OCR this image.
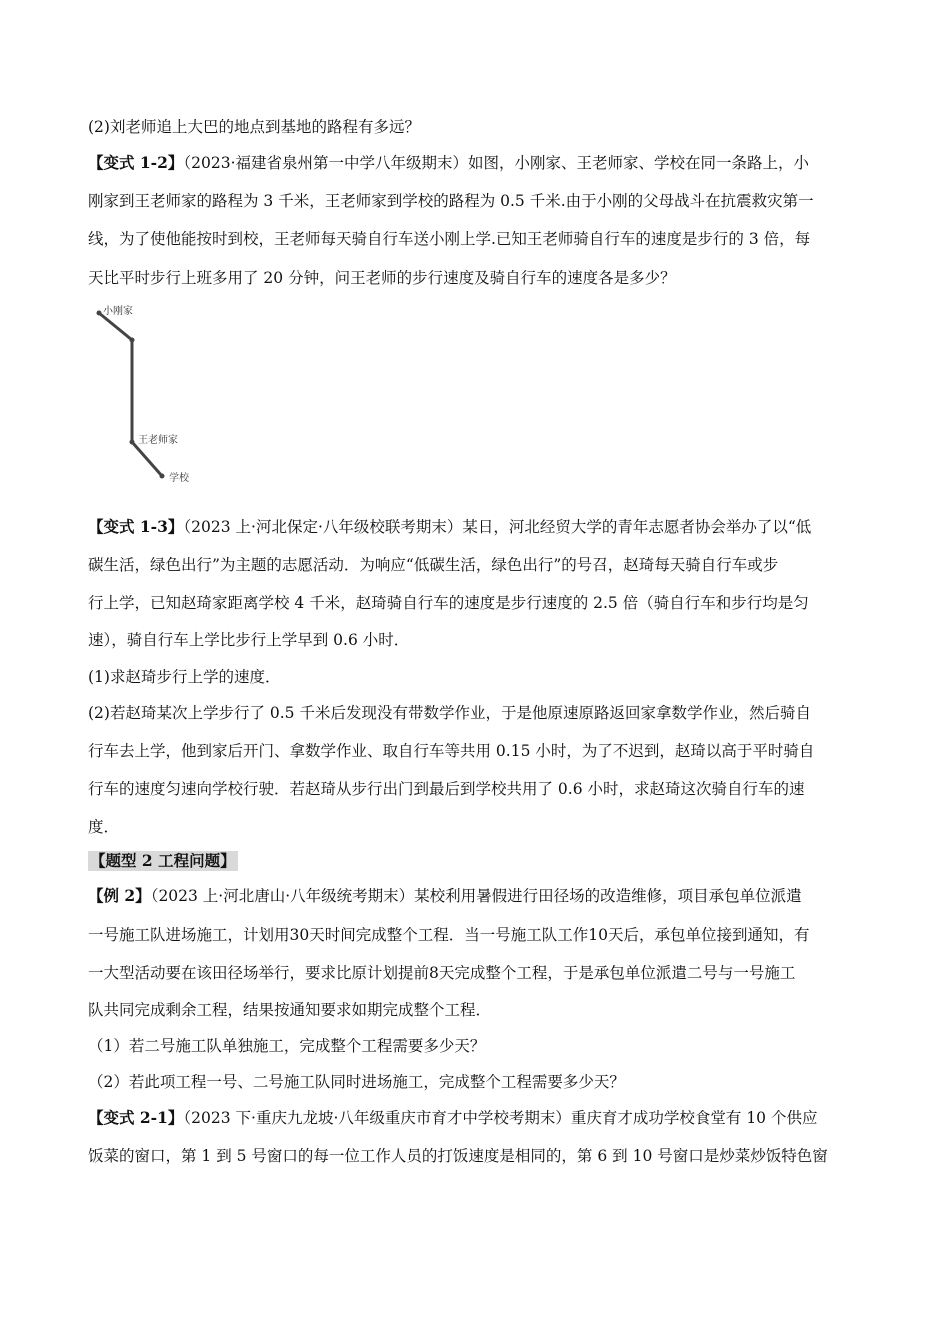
(2)刘老师追上大巴的地点到基地的路程有多远？
【变式 1-2】（2023·福建省泉州第一中学八年级期末）如图，小刚家、王老师家、学校在同一条路上，小
刚家到王老师家的路程为 3 千米，王老师家到学校的路程为 0.5 千米.由于小刚的父母战斗在抗震救灾第一
线，为了使他能按时到校，王老师每天骑自行车送小刚上学.已知王老师骑自行车的速度是步行的 3 倍，每
天比平时步行上班多用了 20 分钟，问王老师的步行速度及骑自行车的速度各是多少？
小刚家
王老师家
学校
【变式 1-3】（2023 上·河北保定·八年级校联考期末）某日，河北经贸大学的青年志愿者协会举办了以“低
碳生活，绿色出行”为主题的志愿活动．为响应“低碳生活，绿色出行”的号召，赵琦每天骑自行车或步
行上学，已知赵琦家距离学校 4 千米，赵琦骑自行车的速度是步行速度的 2.5 倍（骑自行车和步行均是匀
速），骑自行车上学比步行上学早到 0.6 小时．
(1)求赵琦步行上学的速度．
(2)若赵琦某次上学步行了 0.5 千米后发现没有带数学作业，于是他原速原路返回家拿数学作业，然后骑自
行车去上学，他到家后开门、拿数学作业、取自行车等共用 0.15 小时，为了不迟到，赵琦以高于平时骑自
行车的速度匀速向学校行驶．若赵琦从步行出门到最后到学校共用了 0.6 小时，求赵琦这次骑自行车的速
度．
【题型 2 工程问题】
【例 2】（2023 上·河北唐山·八年级统考期末）某校利用暑假进行田径场的改造维修，项目承包单位派遣
一号施工队进场施工，计划用30天时间完成整个工程．当一号施工队工作10天后，承包单位接到通知，有
一大型活动要在该田径场举行，要求比原计划提前8天完成整个工程，于是承包单位派遣二号与一号施工
队共同完成剩余工程，结果按通知要求如期完成整个工程．
（1）若二号施工队单独施工，完成整个工程需要多少天？
（2）若此项工程一号、二号施工队同时进场施工，完成整个工程需要多少天？
【变式 2-1】（2023 下·重庆九龙坡·八年级重庆市育才中学校考期末）重庆育才成功学校食堂有 10 个供应
饭菜的窗口，第 1 到 5 号窗口的每一位工作人员的打饭速度是相同的，第 6 到 10 号窗口是炒菜炒饭特色窗
